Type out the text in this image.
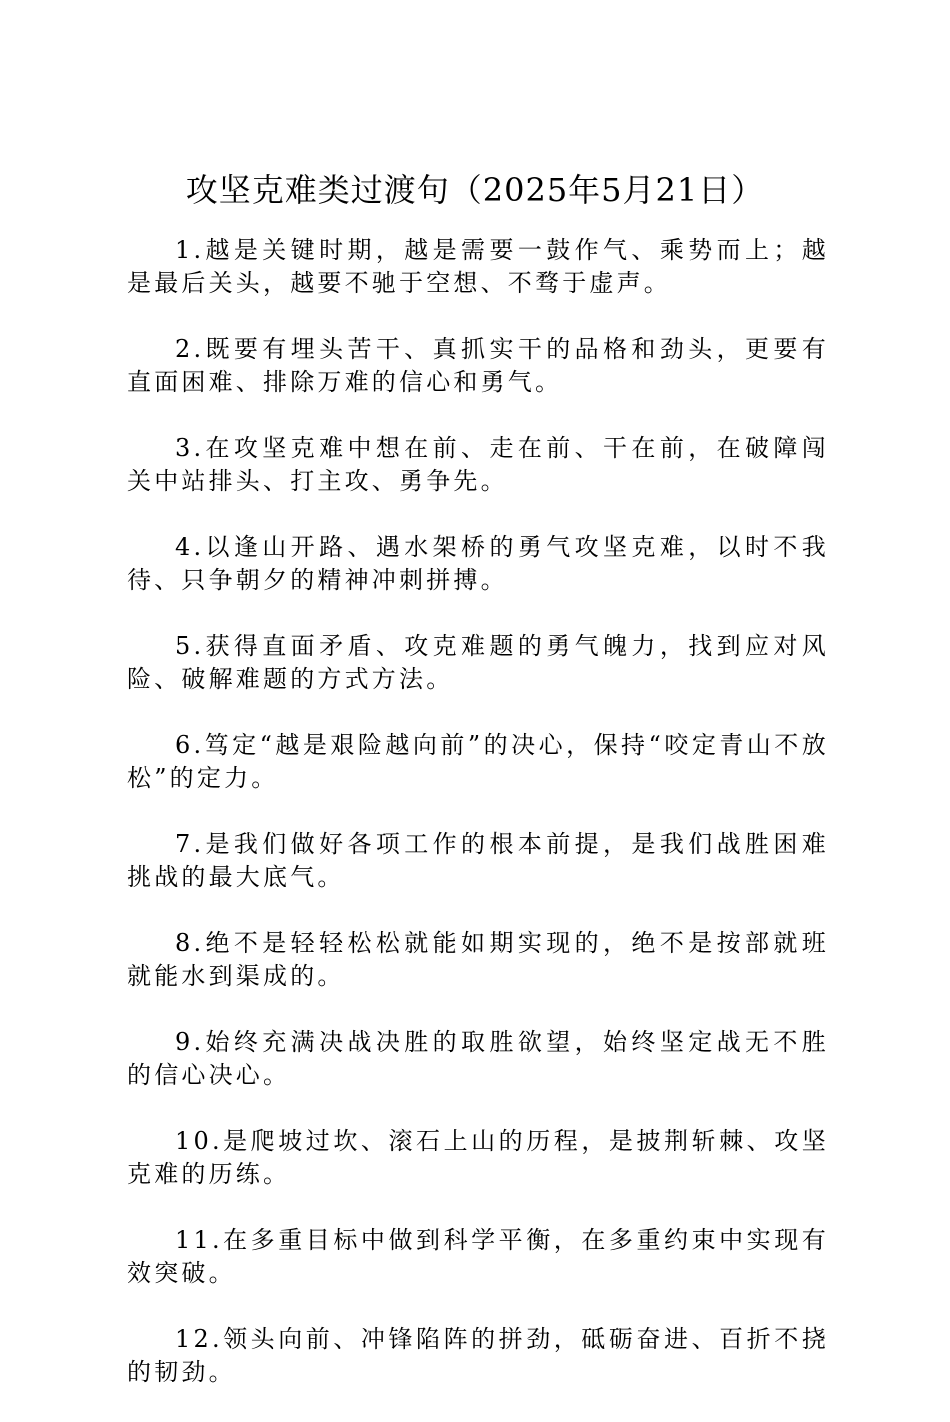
攻坚克难类过渡句（2025年5月21日）

1.越是关键时期，越是需要一鼓作气、乘势而上；越是最后关头，越要不驰于空想、不骛于虚声。

2.既要有埋头苦干、真抓实干的品格和劲头，更要有直面困难、排除万难的信心和勇气。

3.在攻坚克难中想在前、走在前、干在前，在破障闯关中站排头、打主攻、勇争先。

4.以逢山开路、遇水架桥的勇气攻坚克难，以时不我待、只争朝夕的精神冲刺拼搏。

5.获得直面矛盾、攻克难题的勇气魄力，找到应对风险、破解难题的方式方法。

6.笃定“越是艰险越向前”的决心，保持“咬定青山不放松”的定力。

7.是我们做好各项工作的根本前提，是我们战胜困难挑战的最大底气。

8.绝不是轻轻松松就能如期实现的，绝不是按部就班就能水到渠成的。

9.始终充满决战决胜的取胜欲望，始终坚定战无不胜的信心决心。

10.是爬坡过坎、滚石上山的历程，是披荆斩棘、攻坚克难的历练。

11.在多重目标中做到科学平衡，在多重约束中实现有效突破。

12.领头向前、冲锋陷阵的拼劲，砥砺奋进、百折不挠的韧劲。
